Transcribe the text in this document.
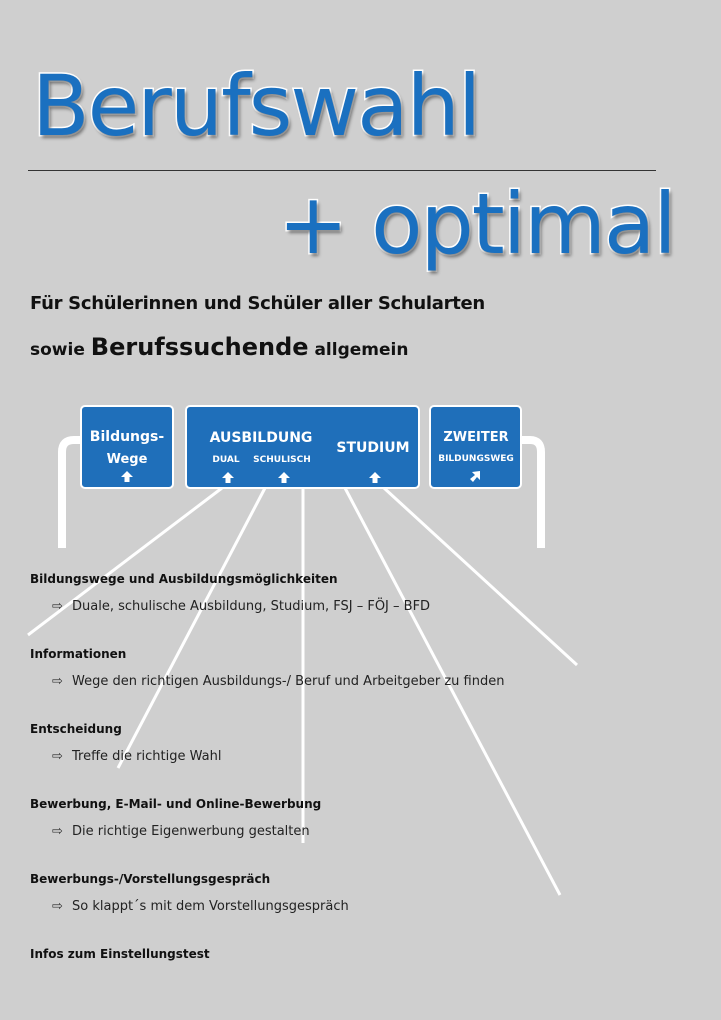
Berufswahl
+ optimal
Für Schülerinnen und Schüler aller Schularten
sowie Berufssuchende allgemein
Bildungs-
Wege
AUSBILDUNG
DUAL SCHULISCH
STUDIUM
ZWEITER
BILDUNGSWEG
Bildungswege und Ausbildungsmöglichkeiten
⇨ Duale, schulische Ausbildung, Studium, FSJ – FÖJ – BFD
Informationen
⇨ Wege den richtigen Ausbildungs-/ Beruf und Arbeitgeber zu finden
Entscheidung
⇨ Treffe die richtige Wahl
Bewerbung, E-Mail- und Online-Bewerbung
⇨ Die richtige Eigenwerbung gestalten
Bewerbungs-/Vorstellungsgespräch
⇨ So klappt´s mit dem Vorstellungsgespräch
Infos zum Einstellungstest
